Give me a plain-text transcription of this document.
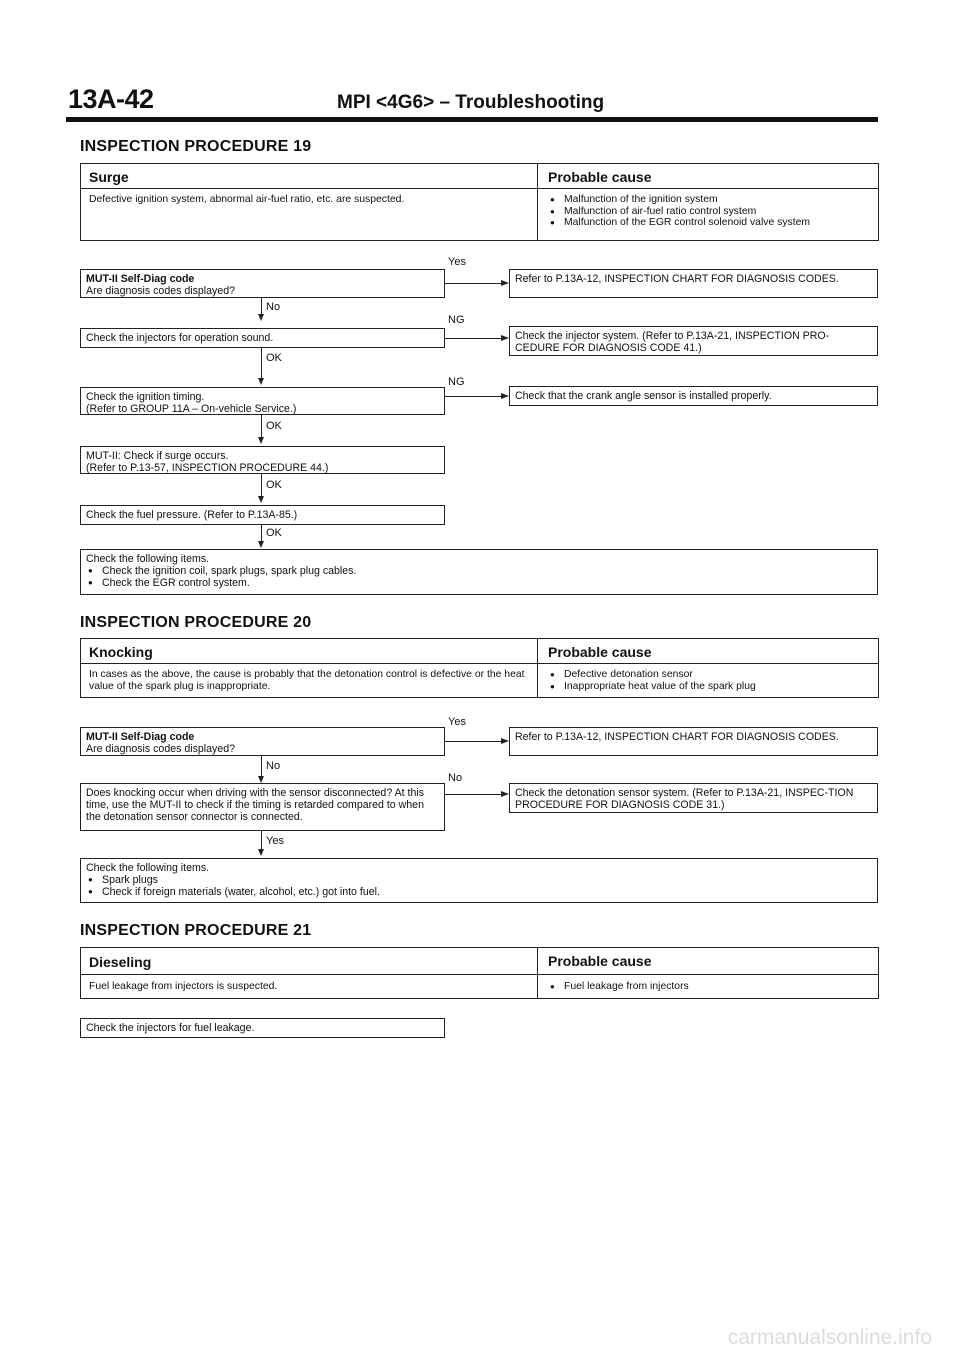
13A-42	MPI <4G6> – Troubleshooting
INSPECTION PROCEDURE 19
Surge	Probable cause
Defective ignition system, abnormal air-fuel ratio, etc. are suspected.	● Malfunction of the ignition system
● Malfunction of air-fuel ratio control system
● Malfunction of the EGR control solenoid valve system
MUT-II Self-Diag code
Are diagnosis codes displayed?
Yes
Refer to P.13A-12, INSPECTION CHART FOR DIAGNOSIS CODES.
No
Check the injectors for operation sound.
NG
Check the injector system. (Refer to P.13A-21, INSPECTION PRO-CEDURE FOR DIAGNOSIS CODE 41.)
OK
Check the ignition timing.
(Refer to GROUP 11A – On-vehicle Service.)
NG
Check that the crank angle sensor is installed properly.
OK
MUT-II: Check if surge occurs.
(Refer to P.13-57, INSPECTION PROCEDURE 44.)
OK
Check the fuel pressure. (Refer to P.13A-85.)
OK
Check the following items.
● Check the ignition coil, spark plugs, spark plug cables.
● Check the EGR control system.
INSPECTION PROCEDURE 20
Knocking	Probable cause
In cases as the above, the cause is probably that the detonation control is defective or the heat value of the spark plug is inappropriate.
● Defective detonation sensor
● Inappropriate heat value of the spark plug
MUT-II Self-Diag code
Are diagnosis codes displayed?
Yes
Refer to P.13A-12, INSPECTION CHART FOR DIAGNOSIS CODES.
No
Does knocking occur when driving with the sensor disconnected? At this time, use the MUT-II to check if the timing is retarded compared to when the detonation sensor connector is connected.
No
Check the detonation sensor system. (Refer to P.13A-21, INSPEC-TION PROCEDURE FOR DIAGNOSIS CODE 31.)
Yes
Check the following items.
● Spark plugs
● Check if foreign materials (water, alcohol, etc.) got into fuel.
INSPECTION PROCEDURE 21
Dieseling	Probable cause
Fuel leakage from injectors is suspected.	● Fuel leakage from injectors
Check the injectors for fuel leakage.
carmanualsonline.info
